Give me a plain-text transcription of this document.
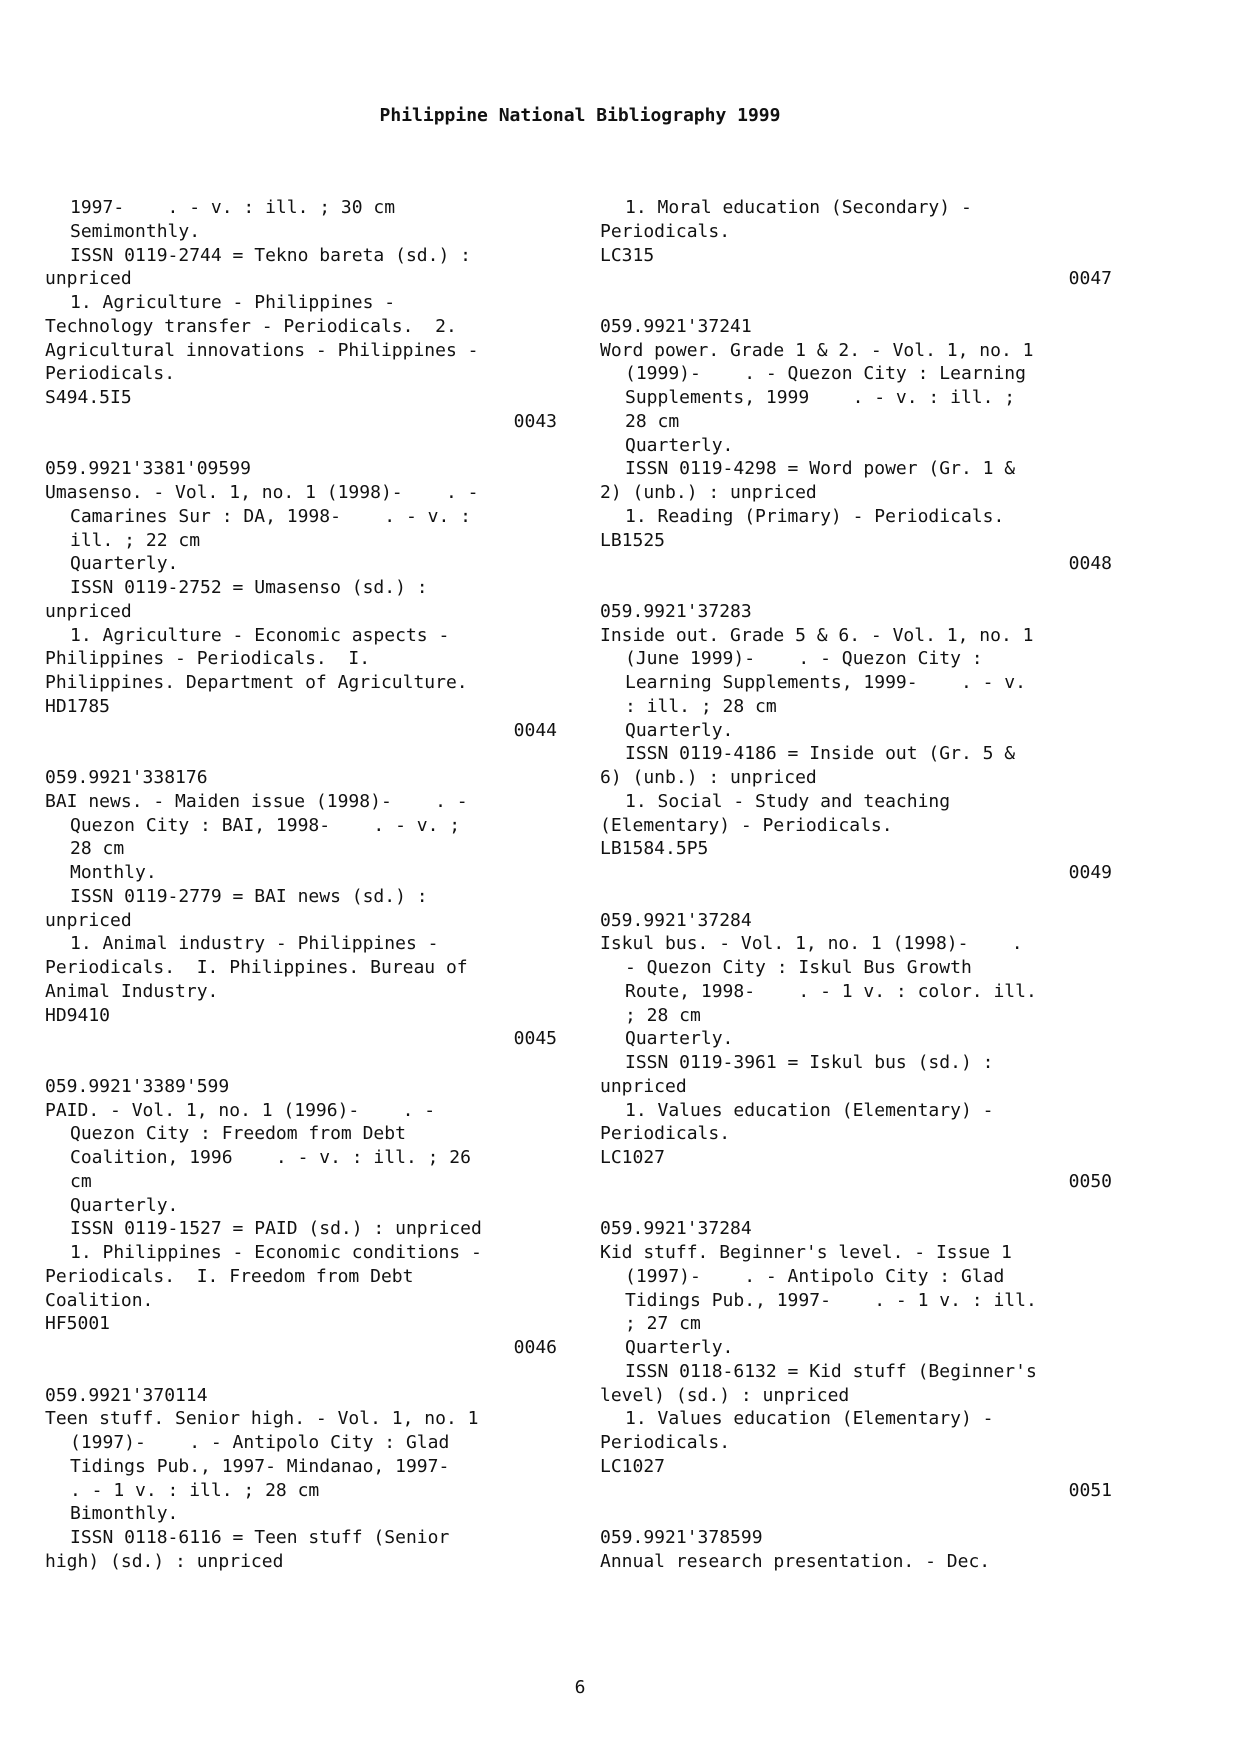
Philippine National Bibliography 1999
1997-    . - v. : ill. ; 30 cm
Semimonthly.
ISSN 0119-2744 = Tekno bareta (sd.) :
unpriced
1. Agriculture - Philippines -
Technology transfer - Periodicals.  2.
Agricultural innovations - Philippines -
Periodicals.
S494.5I5
0043
059.9921'3381'09599
Umasenso. - Vol. 1, no. 1 (1998)-    . -
Camarines Sur : DA, 1998-    . - v. :
ill. ; 22 cm
Quarterly.
ISSN 0119-2752 = Umasenso (sd.) :
unpriced
1. Agriculture - Economic aspects -
Philippines - Periodicals.  I.
Philippines. Department of Agriculture.
HD1785
0044
059.9921'338176
BAI news. - Maiden issue (1998)-    . -
Quezon City : BAI, 1998-    . - v. ;
28 cm
Monthly.
ISSN 0119-2779 = BAI news (sd.) :
unpriced
1. Animal industry - Philippines -
Periodicals.  I. Philippines. Bureau of
Animal Industry.
HD9410
0045
059.9921'3389'599
PAID. - Vol. 1, no. 1 (1996)-    . -
Quezon City : Freedom from Debt
Coalition, 1996    . - v. : ill. ; 26
cm
Quarterly.
ISSN 0119-1527 = PAID (sd.) : unpriced
1. Philippines - Economic conditions -
Periodicals.  I. Freedom from Debt
Coalition.
HF5001
0046
059.9921'370114
Teen stuff. Senior high. - Vol. 1, no. 1
(1997)-    . - Antipolo City : Glad
Tidings Pub., 1997- Mindanao, 1997-
. - 1 v. : ill. ; 28 cm
Bimonthly.
ISSN 0118-6116 = Teen stuff (Senior
high) (sd.) : unpriced
1. Moral education (Secondary) -
Periodicals.
LC315
0047
059.9921'37241
Word power. Grade 1 & 2. - Vol. 1, no. 1
(1999)-    . - Quezon City : Learning
Supplements, 1999    . - v. : ill. ;
28 cm
Quarterly.
ISSN 0119-4298 = Word power (Gr. 1 &
2) (unb.) : unpriced
1. Reading (Primary) - Periodicals.
LB1525
0048
059.9921'37283
Inside out. Grade 5 & 6. - Vol. 1, no. 1
(June 1999)-    . - Quezon City :
Learning Supplements, 1999-    . - v.
: ill. ; 28 cm
Quarterly.
ISSN 0119-4186 = Inside out (Gr. 5 &
6) (unb.) : unpriced
1. Social - Study and teaching
(Elementary) - Periodicals.
LB1584.5P5
0049
059.9921'37284
Iskul bus. - Vol. 1, no. 1 (1998)-    .
- Quezon City : Iskul Bus Growth
Route, 1998-    . - 1 v. : color. ill.
; 28 cm
Quarterly.
ISSN 0119-3961 = Iskul bus (sd.) :
unpriced
1. Values education (Elementary) -
Periodicals.
LC1027
0050
059.9921'37284
Kid stuff. Beginner's level. - Issue 1
(1997)-    . - Antipolo City : Glad
Tidings Pub., 1997-    . - 1 v. : ill.
; 27 cm
Quarterly.
ISSN 0118-6132 = Kid stuff (Beginner's
level) (sd.) : unpriced
1. Values education (Elementary) -
Periodicals.
LC1027
0051
059.9921'378599
Annual research presentation. - Dec.
6
